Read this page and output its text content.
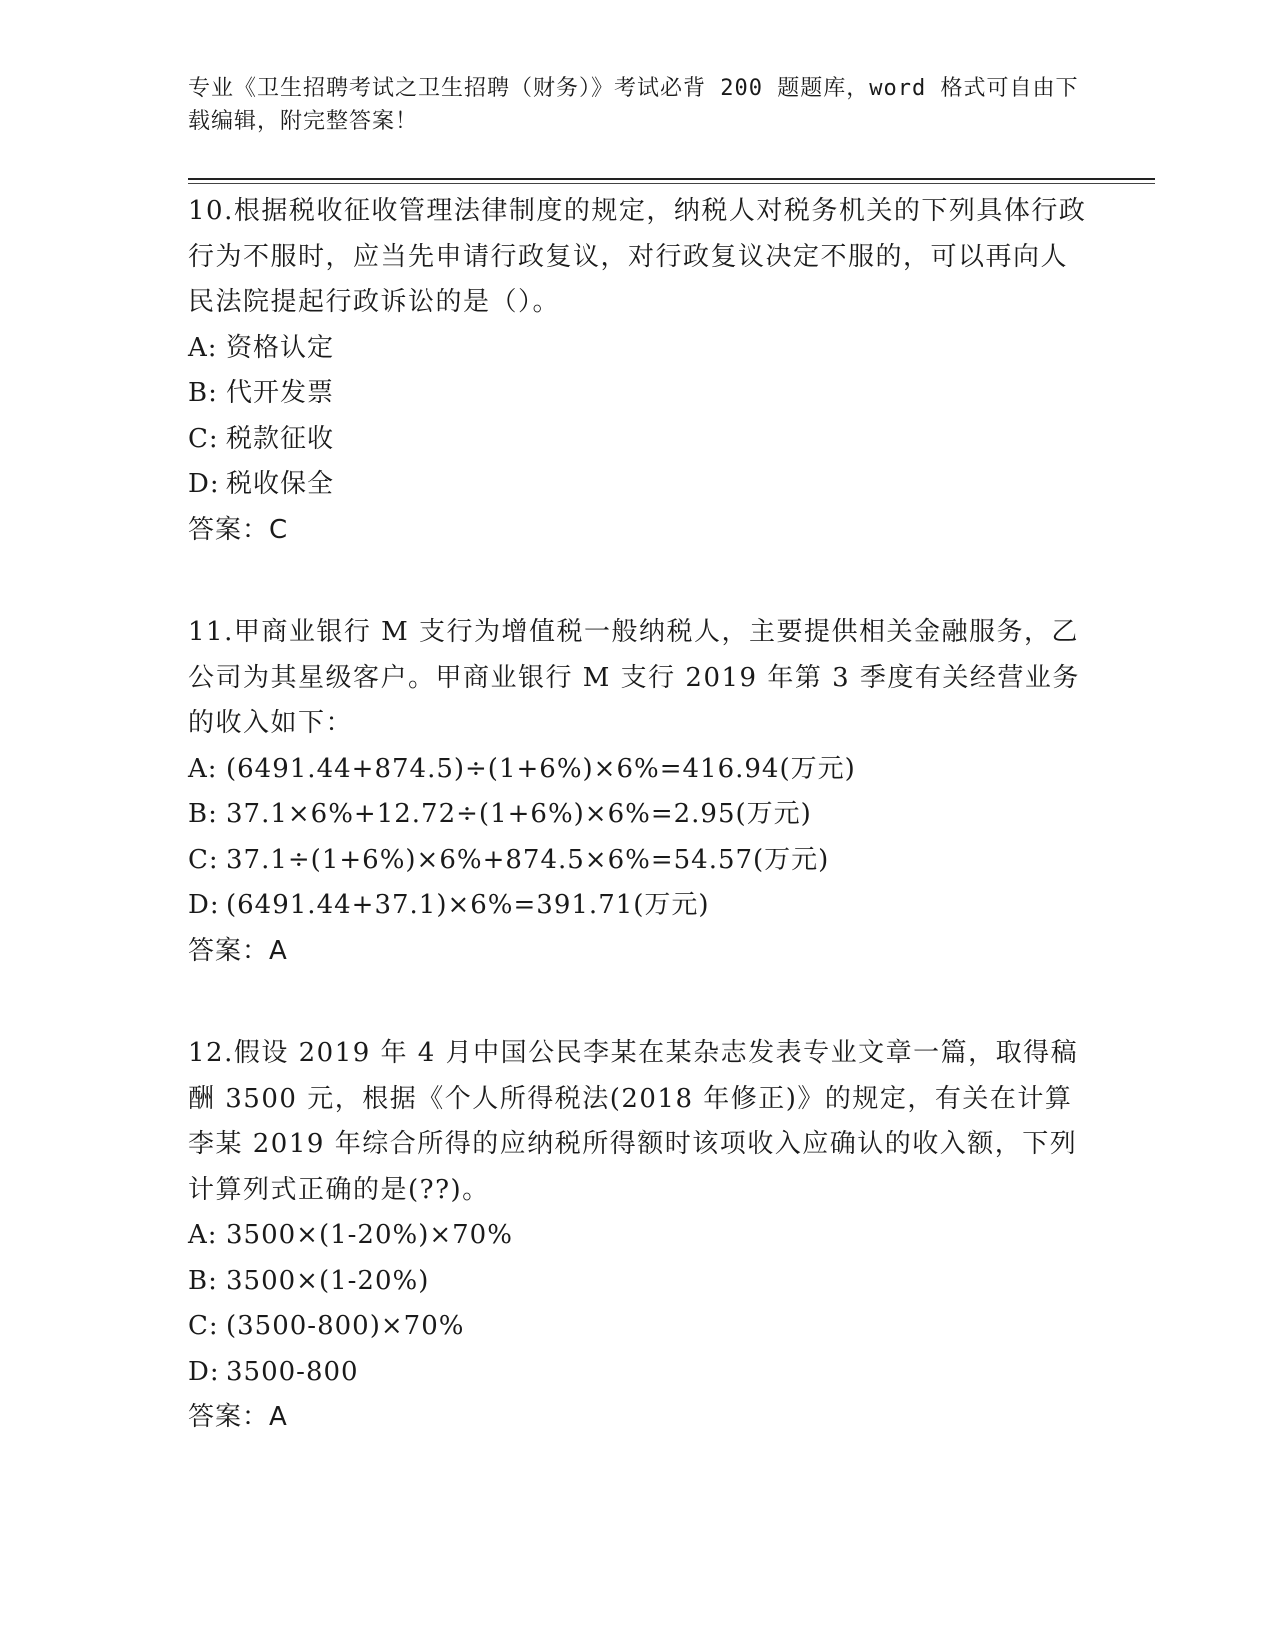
专业《卫生招聘考试之卫生招聘（财务）》考试必背 200 题题库，word 格式可自由下载编辑，附完整答案！
10.根据税收征收管理法律制度的规定，纳税人对税务机关的下列具体行政行为不服时，应当先申请行政复议，对行政复议决定不服的，可以再向人民法院提起行政诉讼的是（）。
A: 资格认定
B: 代开发票
C: 税款征收
D: 税收保全
答案：C
11.甲商业银行 M 支行为增值税一般纳税人，主要提供相关金融服务，乙公司为其星级客户。甲商业银行 M 支行 2019 年第 3 季度有关经营业务的收入如下：
A: (6491.44+874.5)÷(1+6%)×6%=416.94(万元)
B: 37.1×6%+12.72÷(1+6%)×6%=2.95(万元)
C: 37.1÷(1+6%)×6%+874.5×6%=54.57(万元)
D: (6491.44+37.1)×6%=391.71(万元)
答案：A
12.假设 2019 年 4 月中国公民李某在某杂志发表专业文章一篇，取得稿酬 3500 元，根据《个人所得税法(2018 年修正)》的规定，有关在计算李某 2019 年综合所得的应纳税所得额时该项收入应确认的收入额，下列计算列式正确的是(??)。
A: 3500×(1-20%)×70%
B: 3500×(1-20%)
C: (3500-800)×70%
D: 3500-800
答案：A
